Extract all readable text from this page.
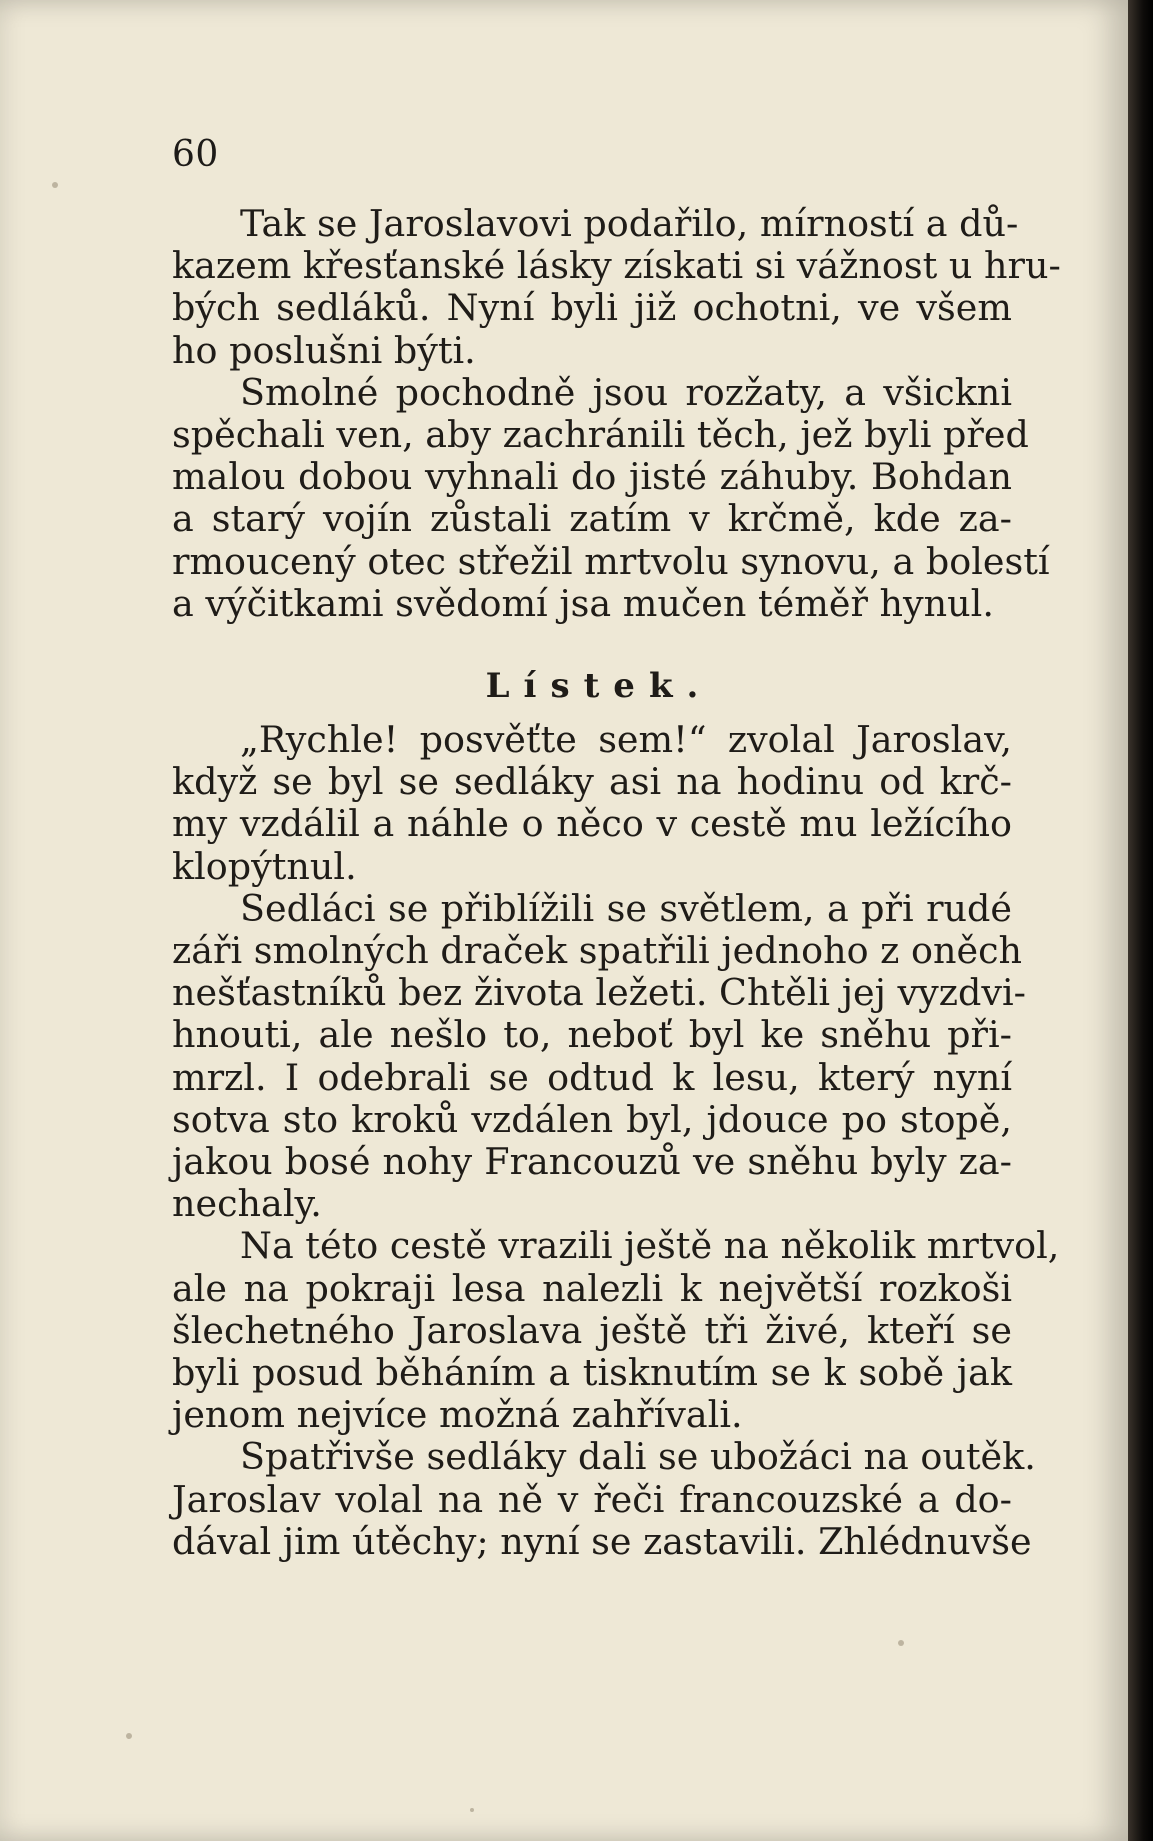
60
Tak se Jaroslavovi podařilo, mírností a dů-
kazem křesťanské lásky získati si vážnost u hru-
bých sedláků. Nyní byli již ochotni, ve všem
ho poslušni býti.
Smolné pochodně jsou rozžaty, a všickni
spěchali ven, aby zachránili těch, jež byli před
malou dobou vyhnali do jisté záhuby. Bohdan
a starý vojín zůstali zatím v krčmě, kde za-
rmoucený otec střežil mrtvolu synovu, a bolestí
a výčitkami svědomí jsa mučen téměř hynul.
Lístek.
„Rychle! posvěťte sem!“ zvolal Jaroslav,
když se byl se sedláky asi na hodinu od krč-
my vzdálil a náhle o něco v cestě mu ležícího
klopýtnul.
Sedláci se přiblížili se světlem, a při rudé
záři smolných draček spatřili jednoho z oněch
nešťastníků bez života ležeti. Chtěli jej vyzdvi-
hnouti, ale nešlo to, neboť byl ke sněhu při-
mrzl. I odebrali se odtud k lesu, který nyní
sotva sto kroků vzdálen byl, jdouce po stopě,
jakou bosé nohy Francouzů ve sněhu byly za-
nechaly.
Na této cestě vrazili ještě na několik mrtvol,
ale na pokraji lesa nalezli k největší rozkoši
šlechetného Jaroslava ještě tři živé, kteří se
byli posud běháním a tisknutím se k sobě jak
jenom nejvíce možná zahřívali.
Spatřivše sedláky dali se ubožáci na outěk.
Jaroslav volal na ně v řeči francouzské a do-
dával jim útěchy; nyní se zastavili. Zhlédnuvše
